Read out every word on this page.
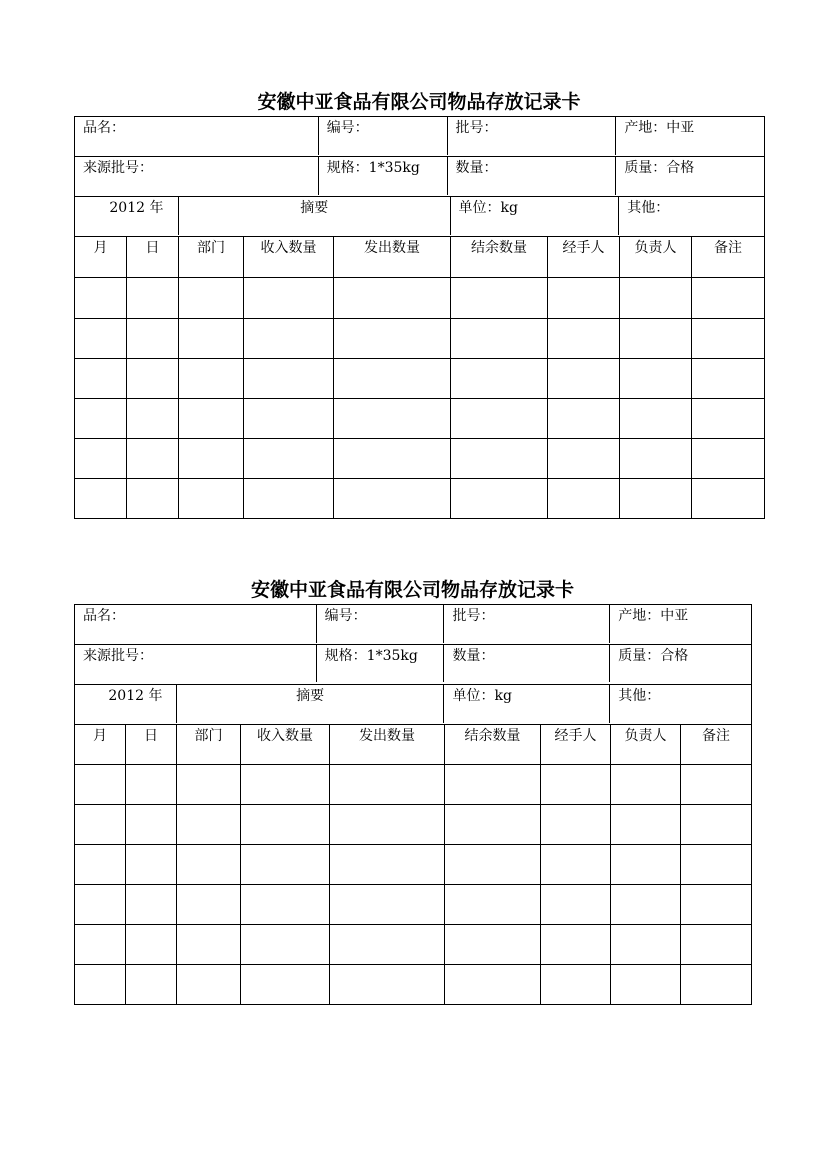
安徽中亚食品有限公司物品存放记录卡
品名： 编号： 批号： 产地：中亚								

来源批号： 规格：1*35kg 数量： 质量：合格								

2012 年 摘要 单位：kg 其他：								

月	日	部门	收入数量	发出数量	结余数量	经手人	负责人	备注

安徽中亚食品有限公司物品存放记录卡
品名： 编号： 批号： 产地：中亚								

来源批号： 规格：1*35kg 数量： 质量：合格								

2012 年 摘要 单位：kg 其他：								

月	日	部门	收入数量	发出数量	结余数量	经手人	负责人	备注
